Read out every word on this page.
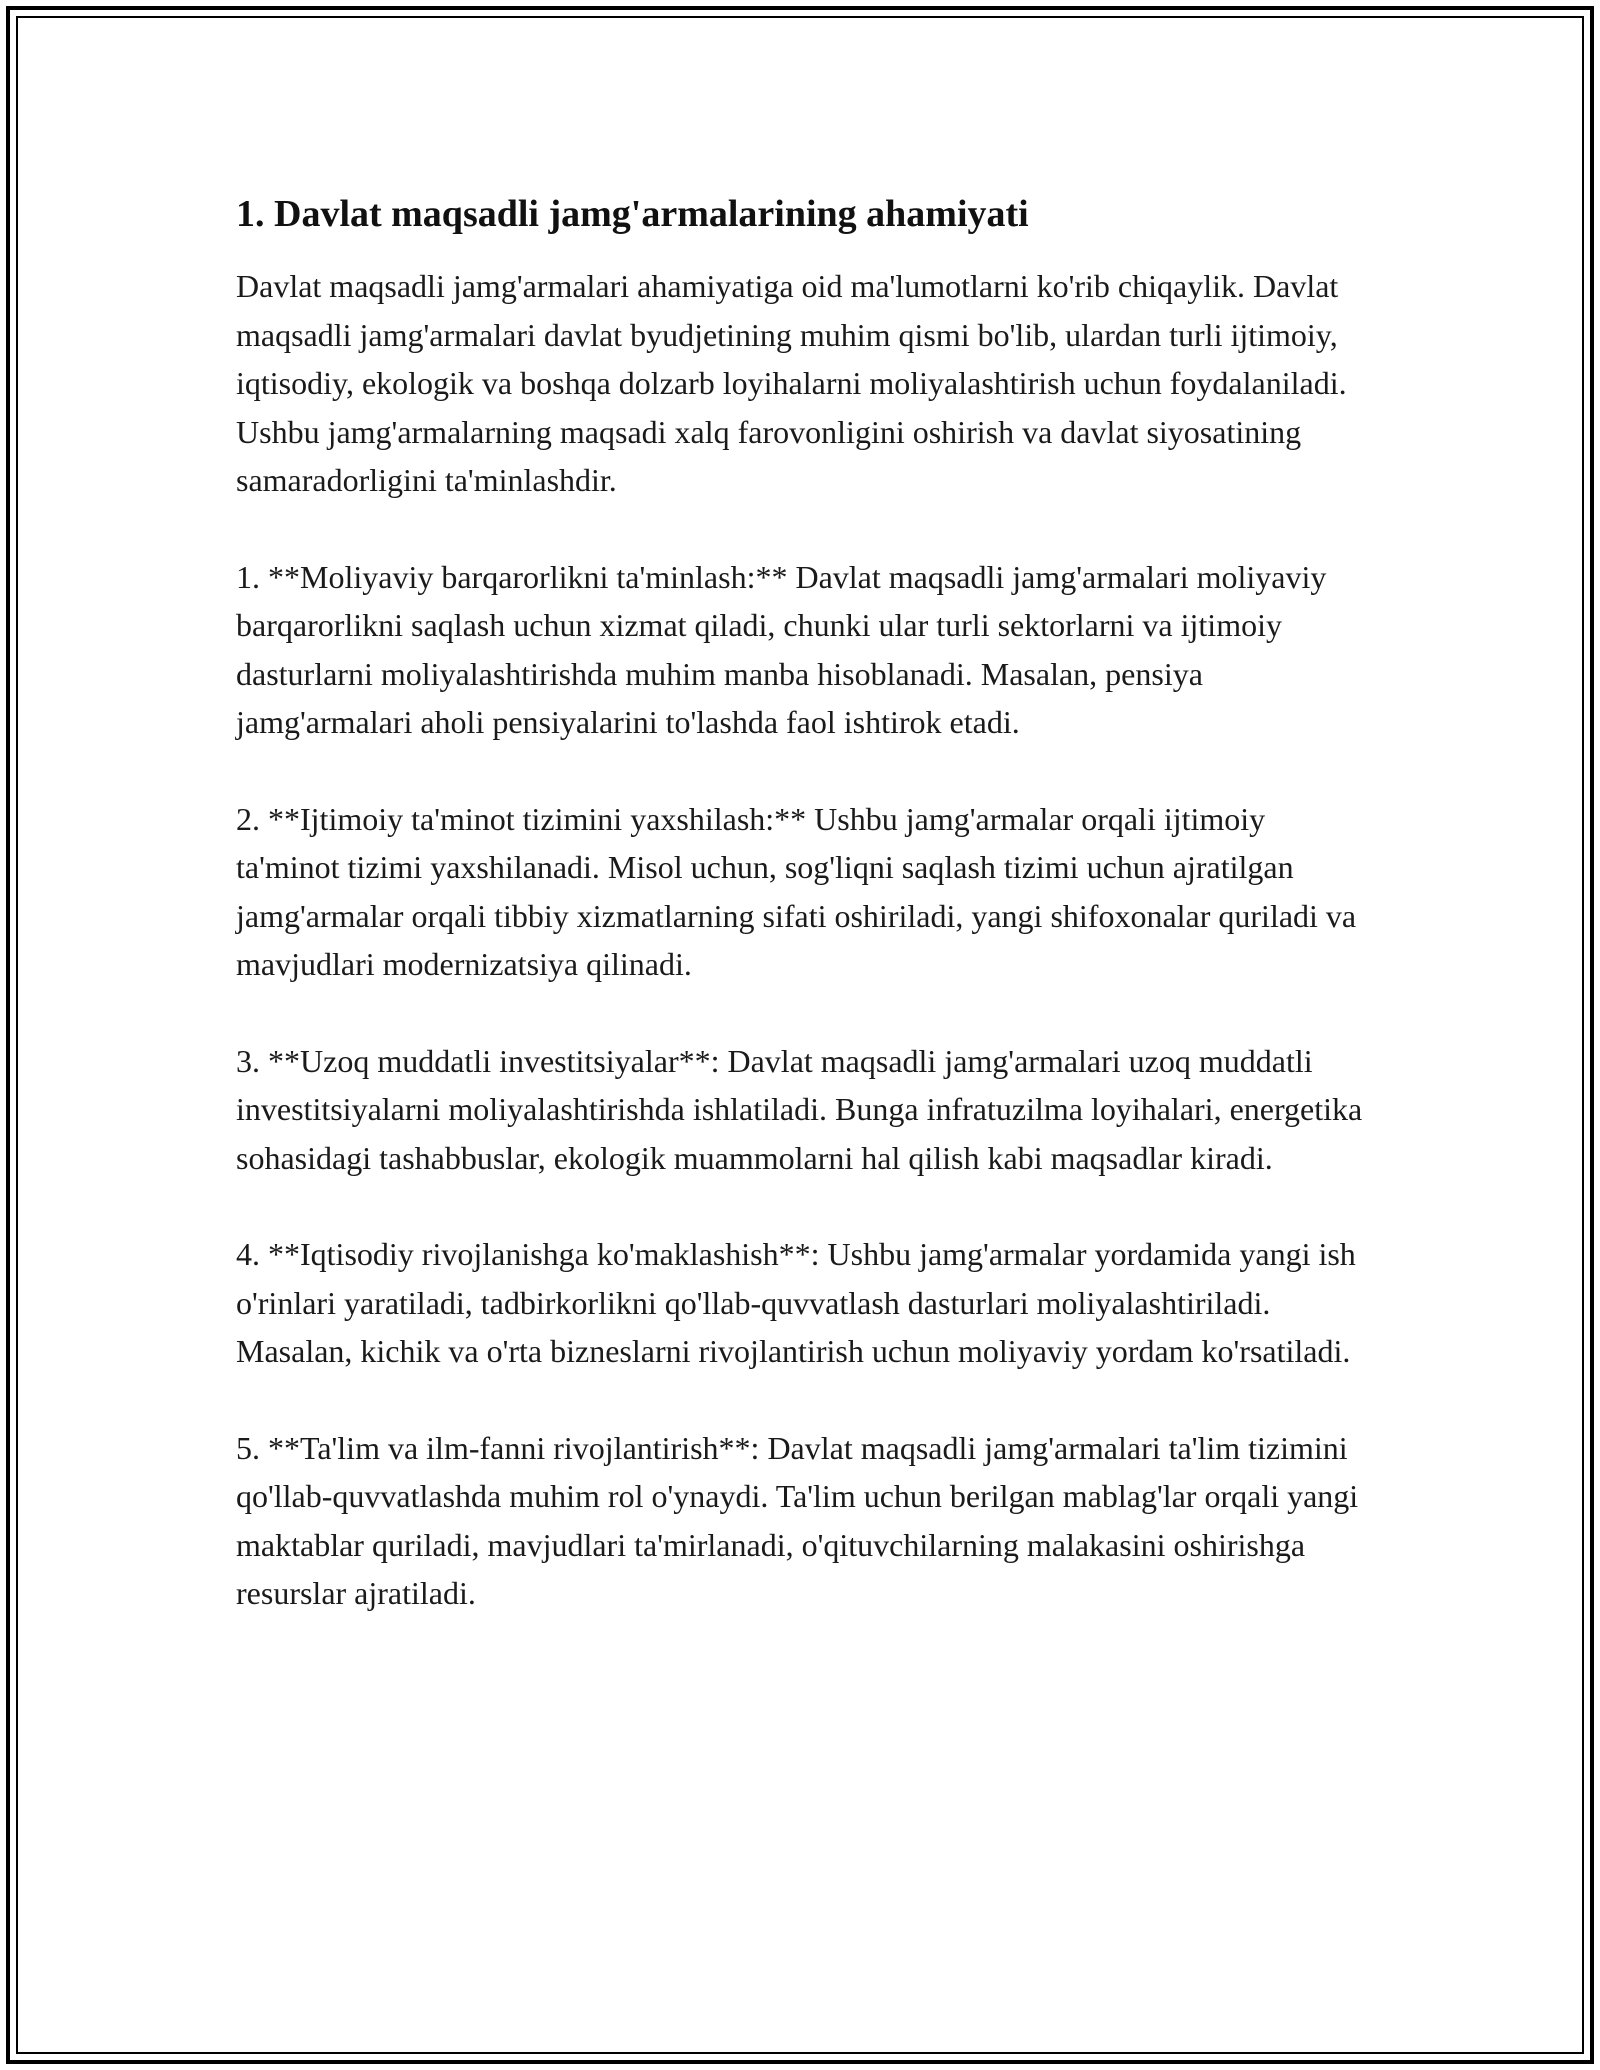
1. Davlat maqsadli jamg'armalarining ahamiyati

Davlat maqsadli jamg'armalari ahamiyatiga oid ma'lumotlarni ko'rib chiqaylik. Davlat maqsadli jamg'armalari davlat byudjetining muhim qismi bo'lib, ulardan turli ijtimoiy, iqtisodiy, ekologik va boshqa dolzarb loyihalarni moliyalashtirish uchun foydalaniladi. Ushbu jamg'armalarning maqsadi xalq farovonligini oshirish va davlat siyosatining samaradorligini ta'minlashdir.

1. **Moliyaviy barqarorlikni ta'minlash:** Davlat maqsadli jamg'armalari moliyaviy barqarorlikni saqlash uchun xizmat qiladi, chunki ular turli sektorlarni va ijtimoiy dasturlarni moliyalashtirishda muhim manba hisoblanadi. Masalan, pensiya jamg'armalari aholi pensiyalarini to'lashda faol ishtirok etadi.

2. **Ijtimoiy ta'minot tizimini yaxshilash:** Ushbu jamg'armalar orqali ijtimoiy ta'minot tizimi yaxshilanadi. Misol uchun, sog'liqni saqlash tizimi uchun ajratilgan jamg'armalar orqali tibbiy xizmatlarning sifati oshiriladi, yangi shifoxonalar quriladi va mavjudlari modernizatsiya qilinadi.

3. **Uzoq muddatli investitsiyalar**: Davlat maqsadli jamg'armalari uzoq muddatli investitsiyalarni moliyalashtirishda ishlatiladi. Bunga infratuzilma loyihalari, energetika sohasidagi tashabbuslar, ekologik muammolarni hal qilish kabi maqsadlar kiradi.

4. **Iqtisodiy rivojlanishga ko'maklashish**: Ushbu jamg'armalar yordamida yangi ish o'rinlari yaratiladi, tadbirkorlikni qo'llab-quvvatlash dasturlari moliyalashtiriladi. Masalan, kichik va o'rta bizneslarni rivojlantirish uchun moliyaviy yordam ko'rsatiladi.

5. **Ta'lim va ilm-fanni rivojlantirish**: Davlat maqsadli jamg'armalari ta'lim tizimini qo'llab-quvvatlashda muhim rol o'ynaydi. Ta'lim uchun berilgan mablag'lar orqali yangi maktablar quriladi, mavjudlari ta'mirlanadi, o'qituvchilarning malakasini oshirishga resurslar ajratiladi.
